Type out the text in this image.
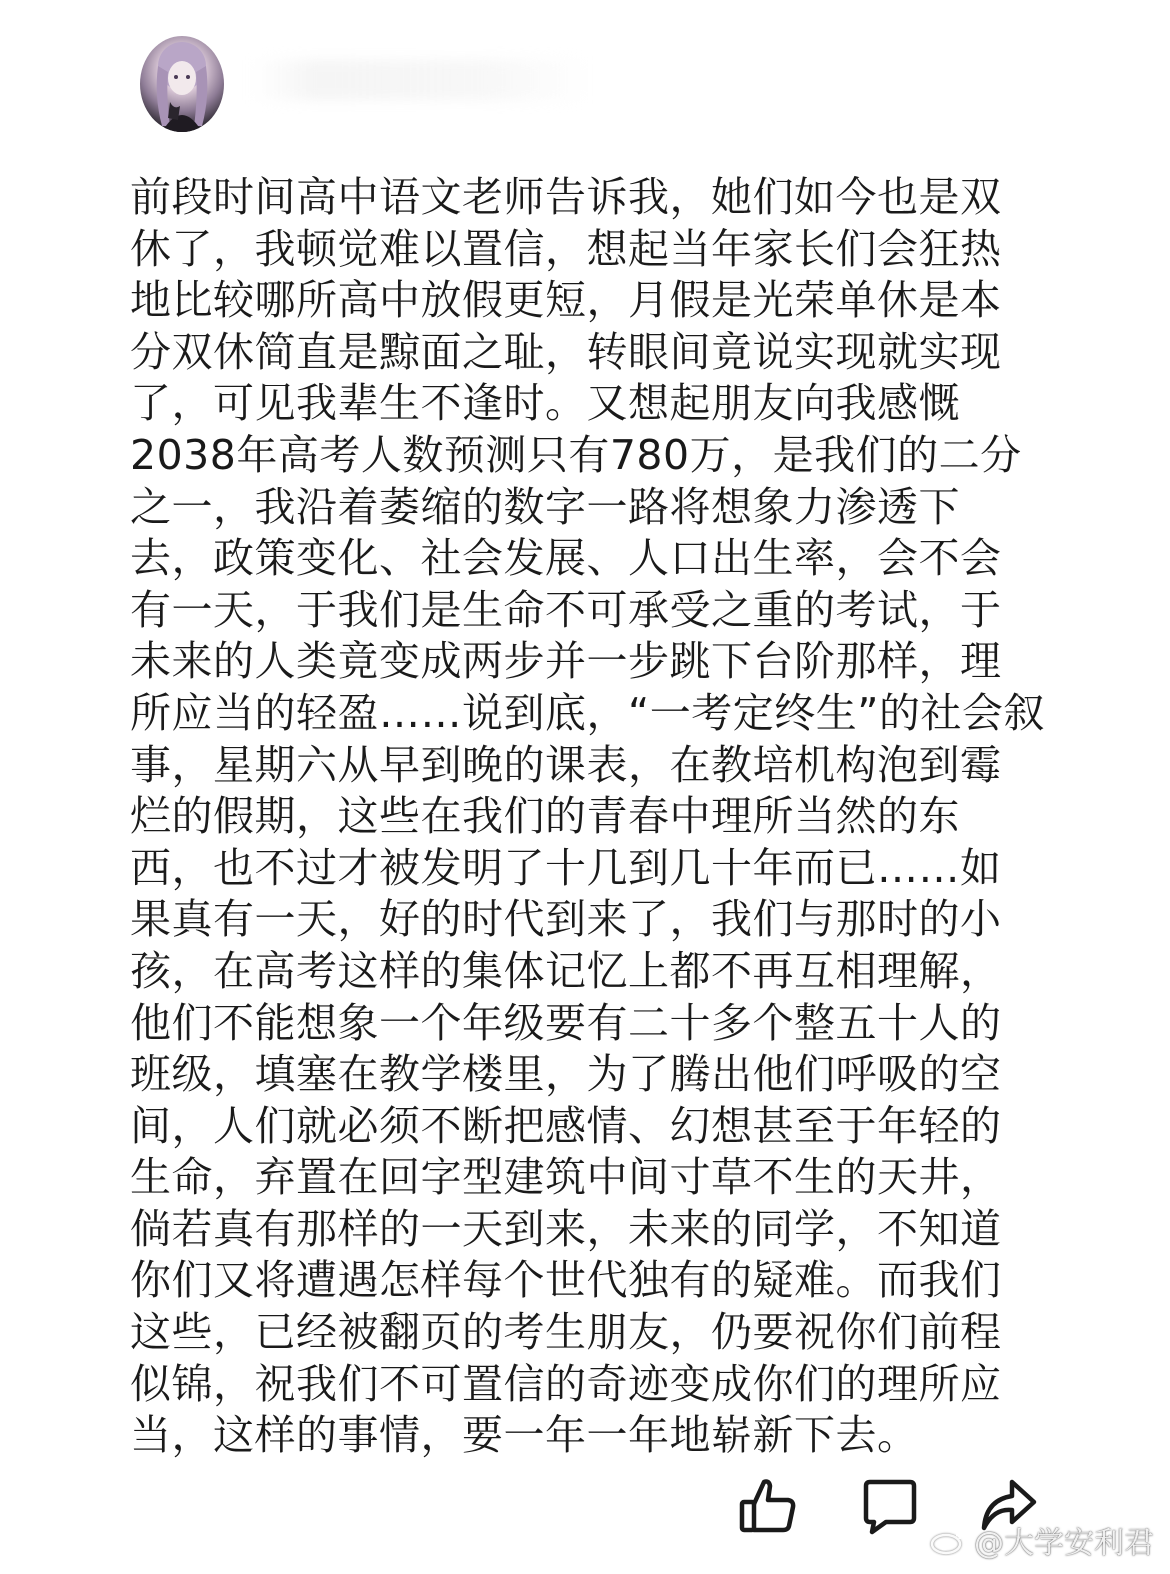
前段时间高中语文老师告诉我，她们如今也是双
休了，我顿觉难以置信，想起当年家长们会狂热
地比较哪所高中放假更短，月假是光荣单休是本
分双休简直是黥面之耻，转眼间竟说实现就实现
了，可见我辈生不逢时。又想起朋友向我感慨
2038年高考人数预测只有780万，是我们的二分
之一，我沿着萎缩的数字一路将想象力渗透下
去，政策变化、社会发展、人口出生率，会不会
有一天，于我们是生命不可承受之重的考试，于
未来的人类竟变成两步并一步跳下台阶那样，理
所应当的轻盈……说到底，“一考定终生”的社会叙
事，星期六从早到晚的课表，在教培机构泡到霉
烂的假期，这些在我们的青春中理所当然的东
西，也不过才被发明了十几到几十年而已……如
果真有一天，好的时代到来了，我们与那时的小
孩，在高考这样的集体记忆上都不再互相理解，
他们不能想象一个年级要有二十多个整五十人的
班级，填塞在教学楼里，为了腾出他们呼吸的空
间，人们就必须不断把感情、幻想甚至于年轻的
生命，弃置在回字型建筑中间寸草不生的天井，
倘若真有那样的一天到来，未来的同学，不知道
你们又将遭遇怎样每个世代独有的疑难。而我们
这些，已经被翻页的考生朋友，仍要祝你们前程
似锦，祝我们不可置信的奇迹变成你们的理所应
当，这样的事情，要一年一年地崭新下去。
@大学安利君
